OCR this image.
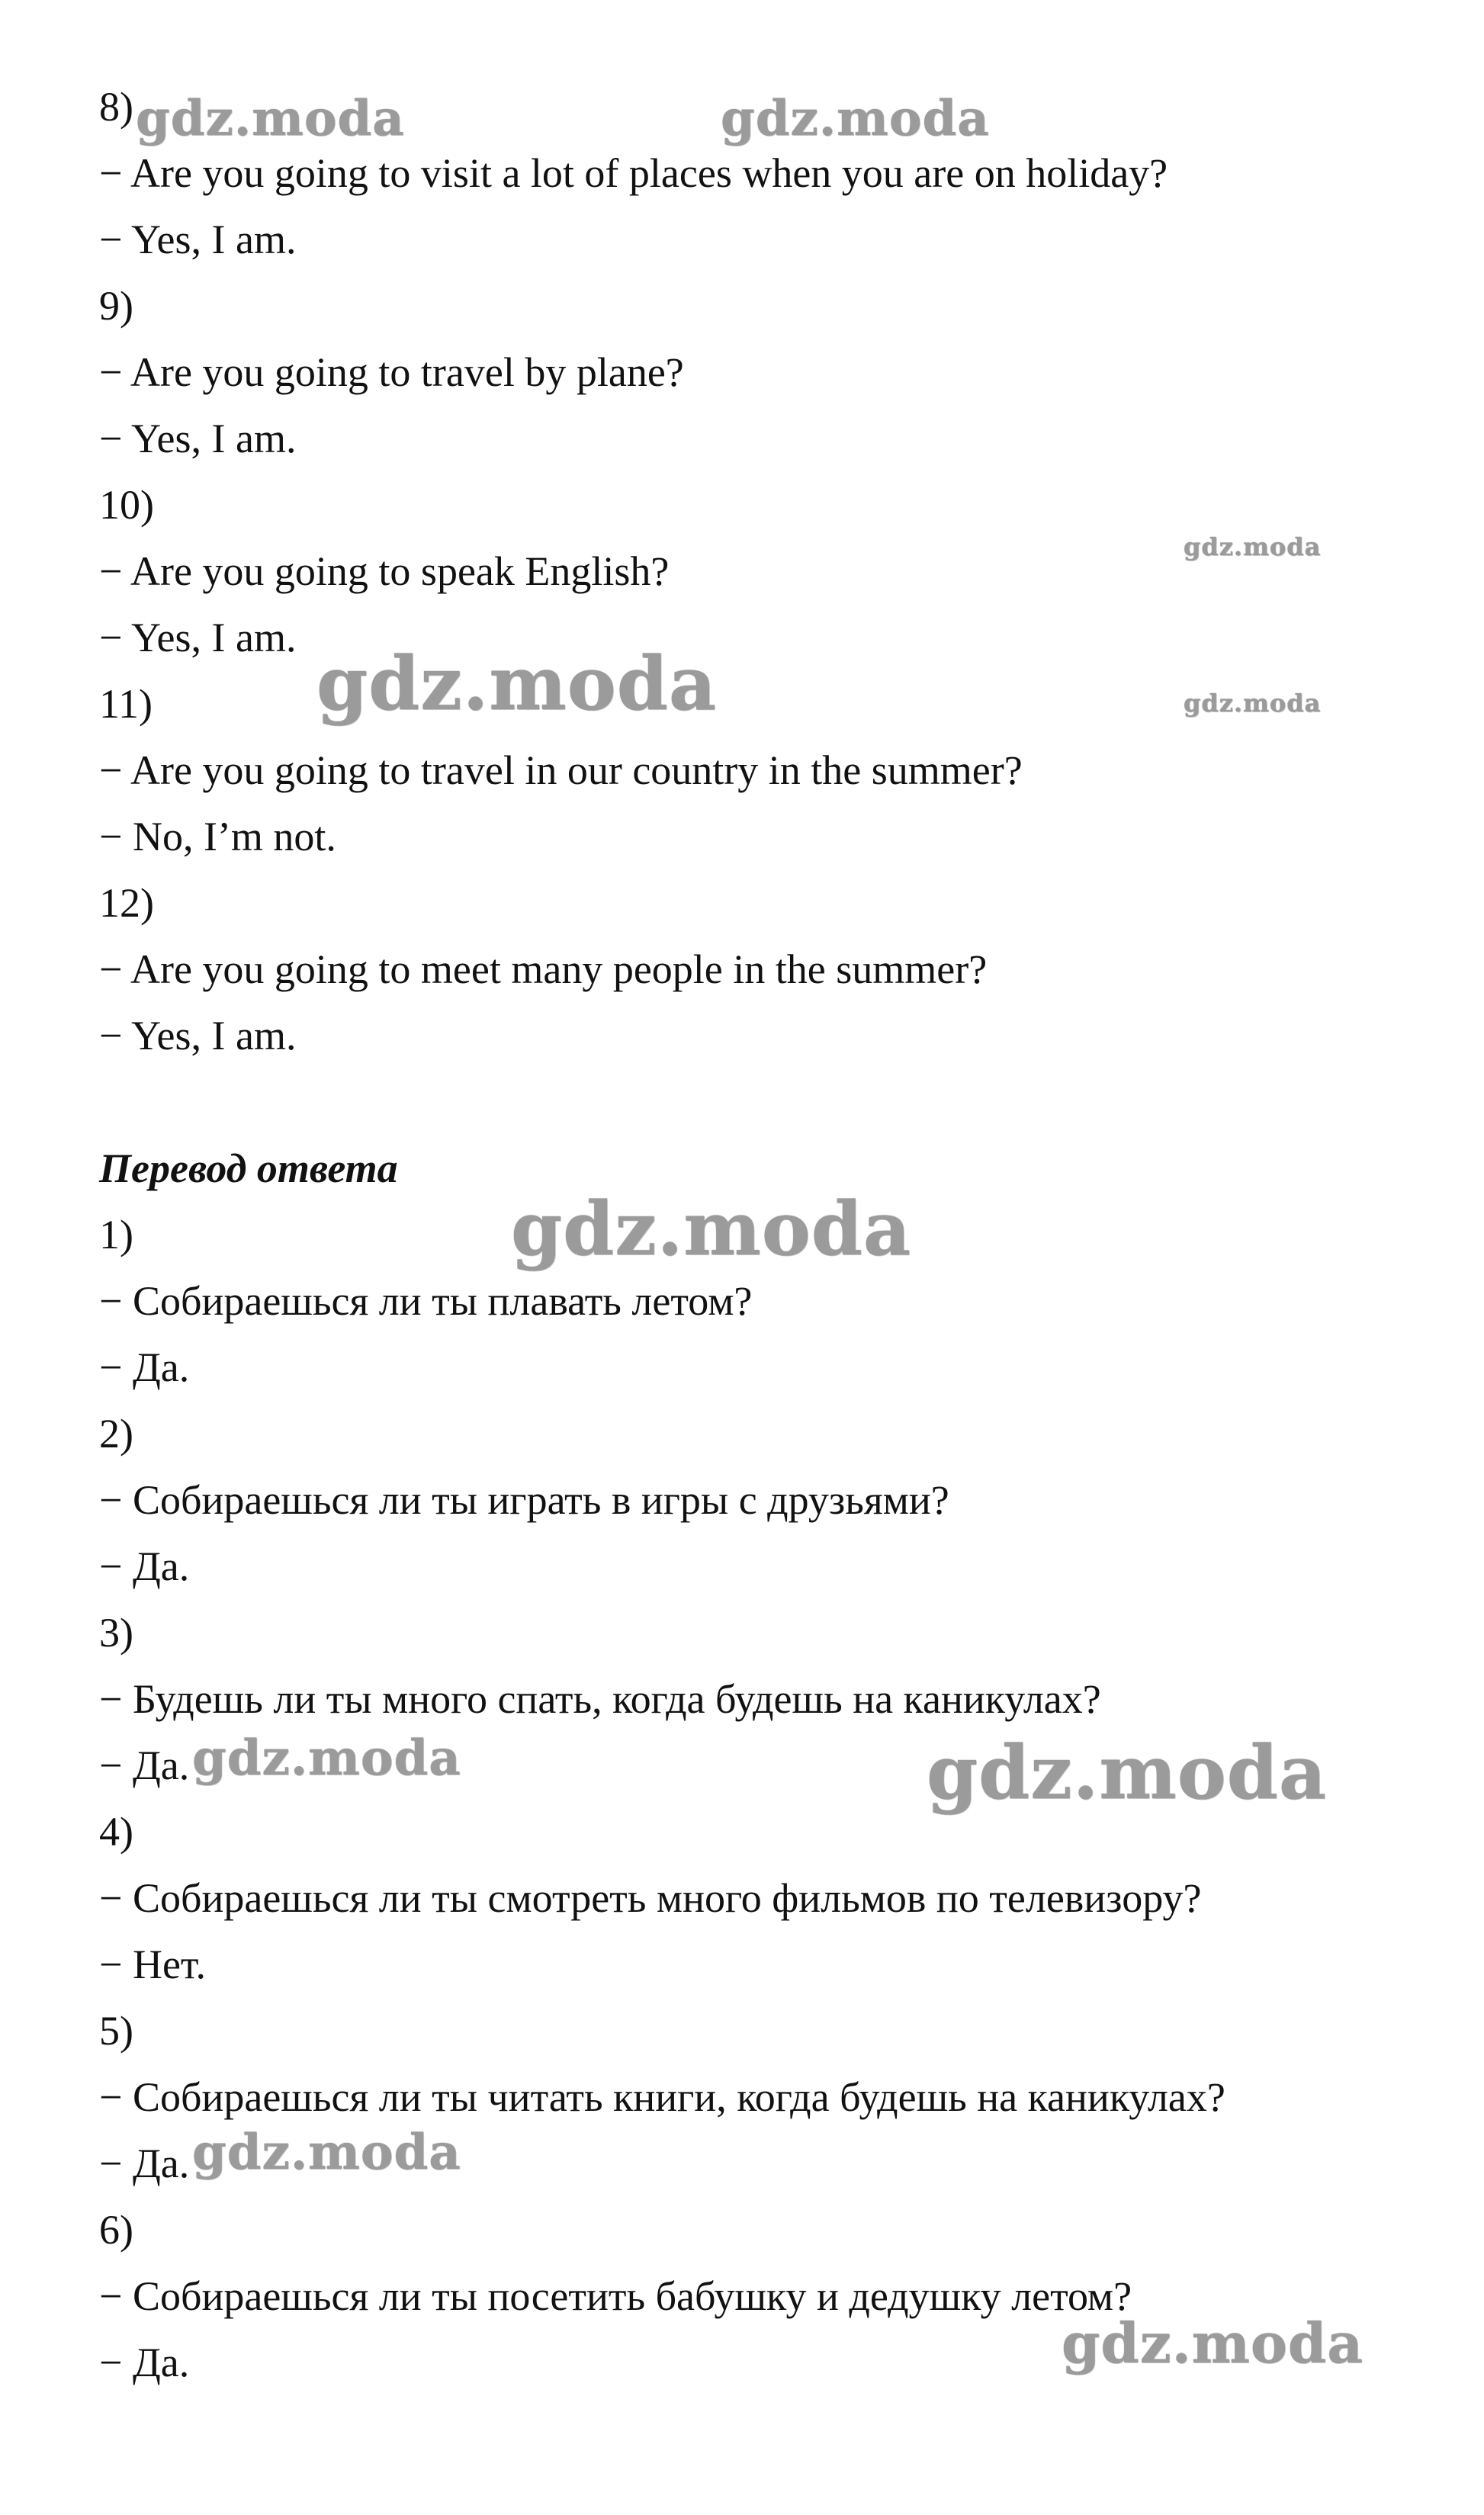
8)
− Are you going to visit a lot of places when you are on holiday?
− Yes, I am.
9)
− Are you going to travel by plane?
− Yes, I am.
10)
− Are you going to speak English?
− Yes, I am.
11)
− Are you going to travel in our country in the summer?
− No, I’m not.
12)
− Are you going to meet many people in the summer?
− Yes, I am.
Перевод ответа
1)
− Собираешься ли ты плавать летом?
− Да.
2)
− Собираешься ли ты играть в игры с друзьями?
− Да.
3)
− Будешь ли ты много спать, когда будешь на каникулах?
− Да.
4)
− Собираешься ли ты смотреть много фильмов по телевизору?
− Нет.
5)
− Собираешься ли ты читать книги, когда будешь на каникулах?
− Да.
6)
− Собираешься ли ты посетить бабушку и дедушку летом?
− Да.
gdz.moda	gdz.moda
gdz.moda
gdz.moda	gdz.moda
gdz.moda
gdz.moda	gdz.moda
gdz.moda
gdz.moda
